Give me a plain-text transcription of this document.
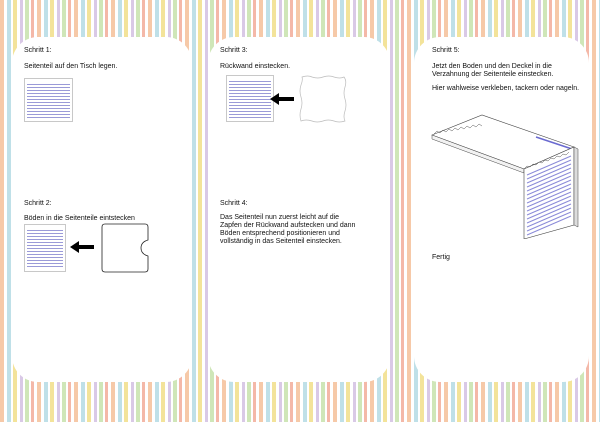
Schritt 1:
Seitenteil auf den Tisch legen.
Schritt 2:
Böden in die Seitenteile eintstecken
Schritt 3:
Rückwand einstecken.
Schritt 4:
Das Seitenteil nun zuerst leicht auf die
Zapfen der Rückwand aufstecken und dann
Böden entsprechend positionieren und
vollständig in das Seitenteil einstecken.
Schritt 5:
Jetzt den Boden und den Deckel in die
Verzahnung der Seitenteile einstecken.
Hier wahlweise verkleben, tackern oder nageln.
Fertig
